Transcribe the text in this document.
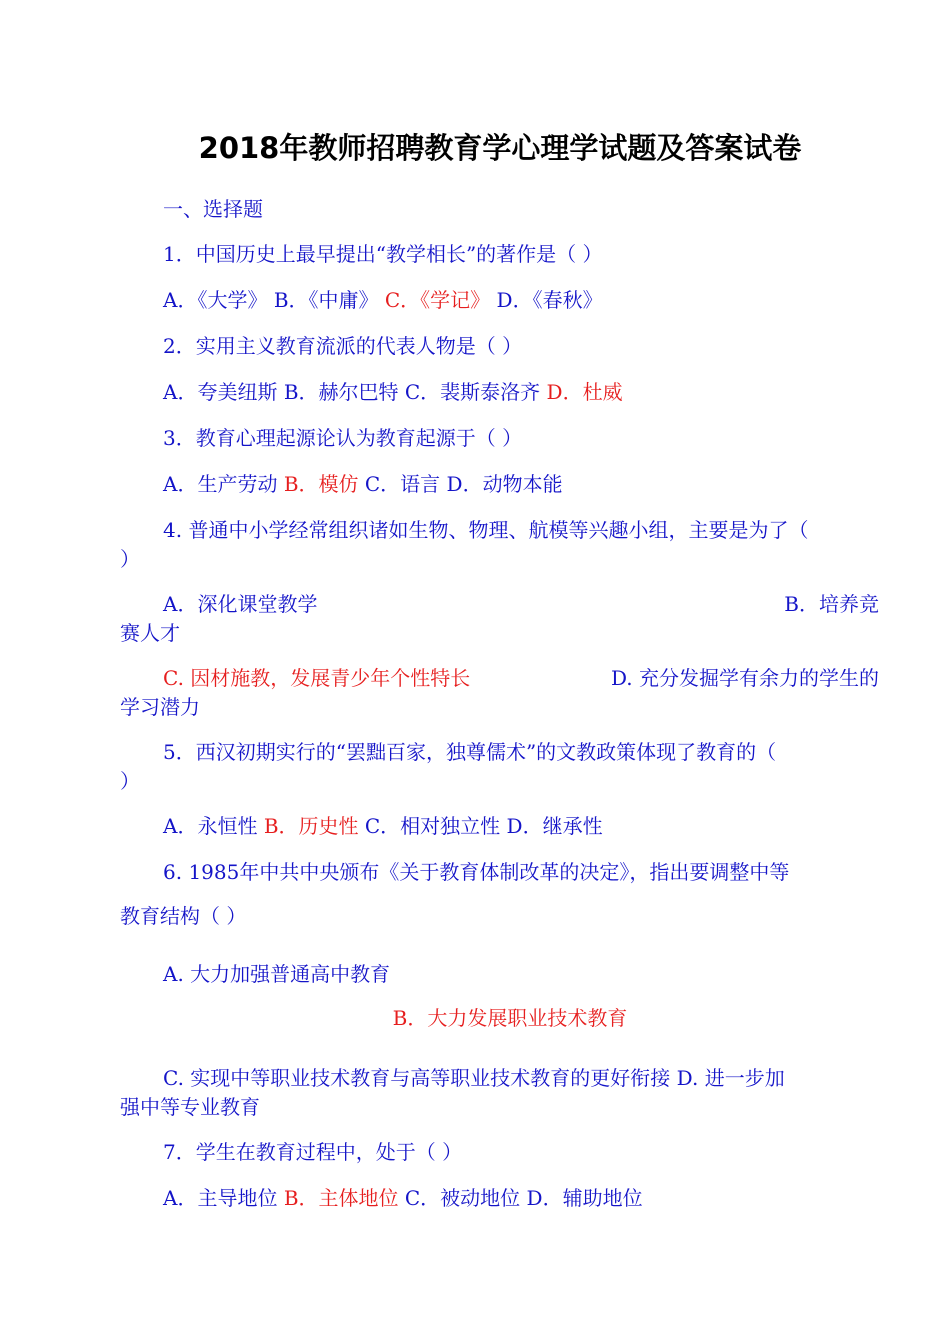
2018年教师招聘教育学心理学试题及答案试卷
一、选择题
1．中国历史上最早提出“教学相长”的著作是（ ）
A．《大学》 B．《中庸》 C．《学记》 D．《春秋》
2．实用主义教育流派的代表人物是（ ）
A．夸美纽斯 B．赫尔巴特 C．裴斯泰洛齐 D．杜威
3．教育心理起源论认为教育起源于（ ）
A．生产劳动 B．模仿 C．语言 D．动物本能
4. 普通中小学经常组织诸如生物、物理、航模等兴趣小组，主要是为了（
）
A．深化课堂教学	B．培养竞
赛人才
C. 因材施教，发展青少年个性特长	D. 充分发掘学有余力的学生的
学习潜力
5．西汉初期实行的“罢黜百家，独尊儒术”的文教政策体现了教育的（
）
A．永恒性 B．历史性 C．相对独立性 D．继承性
6. 1985年中共中央颁布《关于教育体制改革的决定》，指出要调整中等
教育结构（ ）
A. 大力加强普通高中教育
B．大力发展职业技术教育
C. 实现中等职业技术教育与高等职业技术教育的更好衔接 D. 进一步加
强中等专业教育
7．学生在教育过程中，处于（ ）
A．主导地位 B．主体地位 C．被动地位 D．辅助地位
